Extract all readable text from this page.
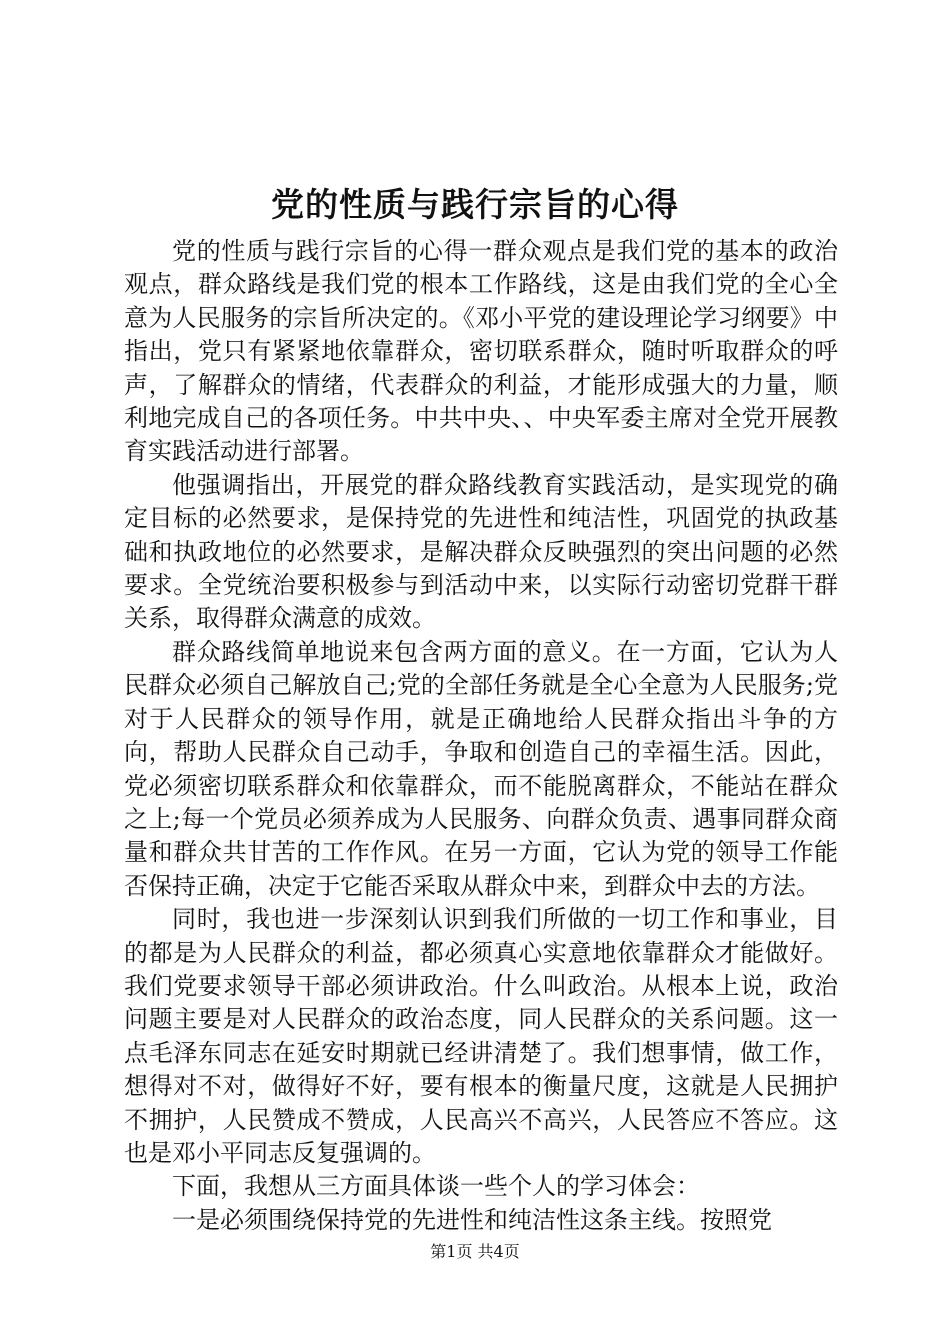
党的性质与践行宗旨的心得

党的性质与践行宗旨的心得一群众观点是我们党的基本的政治观点，群众路线是我们党的根本工作路线，这是由我们党的全心全意为人民服务的宗旨所决定的。《邓小平党的建设理论学习纲要》中指出，党只有紧紧地依靠群众，密切联系群众，随时听取群众的呼声，了解群众的情绪，代表群众的利益，才能形成强大的力量，顺利地完成自己的各项任务。中共中央、、中央军委主席对全党开展教育实践活动进行部署。

他强调指出，开展党的群众路线教育实践活动，是实现党的确定目标的必然要求，是保持党的先进性和纯洁性，巩固党的执政基础和执政地位的必然要求，是解决群众反映强烈的突出问题的必然要求。全党统治要积极参与到活动中来，以实际行动密切党群干群关系，取得群众满意的成效。

群众路线简单地说来包含两方面的意义。在一方面，它认为人民群众必须自己解放自己;党的全部任务就是全心全意为人民服务;党对于人民群众的领导作用，就是正确地给人民群众指出斗争的方向，帮助人民群众自己动手，争取和创造自己的幸福生活。因此，党必须密切联系群众和依靠群众，而不能脱离群众，不能站在群众之上;每一个党员必须养成为人民服务、向群众负责、遇事同群众商量和群众共甘苦的工作作风。在另一方面，它认为党的领导工作能否保持正确，决定于它能否采取从群众中来，到群众中去的方法。

同时，我也进一步深刻认识到我们所做的一切工作和事业，目的都是为人民群众的利益，都必须真心实意地依靠群众才能做好。我们党要求领导干部必须讲政治。什么叫政治。从根本上说，政治问题主要是对人民群众的政治态度，同人民群众的关系问题。这一点毛泽东同志在延安时期就已经讲清楚了。我们想事情，做工作，想得对不对，做得好不好，要有根本的衡量尺度，这就是人民拥护不拥护，人民赞成不赞成，人民高兴不高兴，人民答应不答应。这也是邓小平同志反复强调的。

下面，我想从三方面具体谈一些个人的学习体会：

一是必须围绕保持党的先进性和纯洁性这条主线。按照党

第1页 共4页
